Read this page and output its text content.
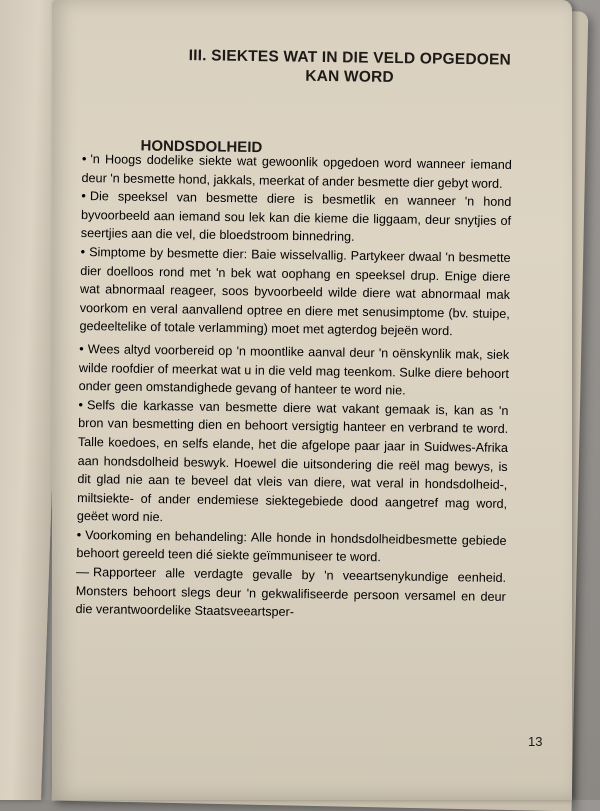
III. SIEKTES WAT IN DIE VELD OPGEDOEN
KAN WORD
HONDSDOLHEID

• 'n Hoogs dodelike siekte wat gewoonlik opgedoen word wanneer iemand deur 'n besmette hond, jakkals, meerkat of ander besmette dier gebyt word.

• Die speeksel van besmette diere is besmetlik en wanneer 'n hond byvoorbeeld aan iemand sou lek kan die kieme die liggaam, deur snytjies of seertjies aan die vel, die bloedstroom binnedring.

• Simptome by besmette dier: Baie wisselvallig. Partykeer dwaal 'n besmette dier doelloos rond met 'n bek wat oophang en speeksel drup. Enige diere wat abnormaal reageer, soos byvoorbeeld wilde diere wat abnormaal mak voorkom en veral aanvallend optree en diere met senusimptome (bv. stuipe, gedeeltelike of totale verlamming) moet met agterdog bejeën word.

• Wees altyd voorbereid op 'n moontlike aanval deur 'n oënskynlik mak, siek wilde roofdier of meerkat wat u in die veld mag teenkom. Sulke diere behoort onder geen omstandighede gevang of hanteer te word nie.

• Selfs die karkasse van besmette diere wat vakant gemaak is, kan as 'n bron van besmetting dien en behoort versigtig hanteer en verbrand te word. Talle koedoes, en selfs elande, het die afgelope paar jaar in Suidwes-Afrika aan hondsdolheid beswyk. Hoewel die uitsondering die reël mag bewys, is dit glad nie aan te beveel dat vleis van diere, wat veral in hondsdolheid-, miltsiekte- of ander endemiese siektegebiede dood aangetref mag word, geëet word nie.

• Voorkoming en behandeling: Alle honde in hondsdolheidbesmette gebiede behoort gereeld teen dié siekte geïmmuniseer te word.

— Rapporteer alle verdagte gevalle by 'n veeartsenykundige eenheid. Monsters behoort slegs deur 'n gekwalifiseerde persoon versamel en deur die verantwoordelike Staatsveeartsper-

13
